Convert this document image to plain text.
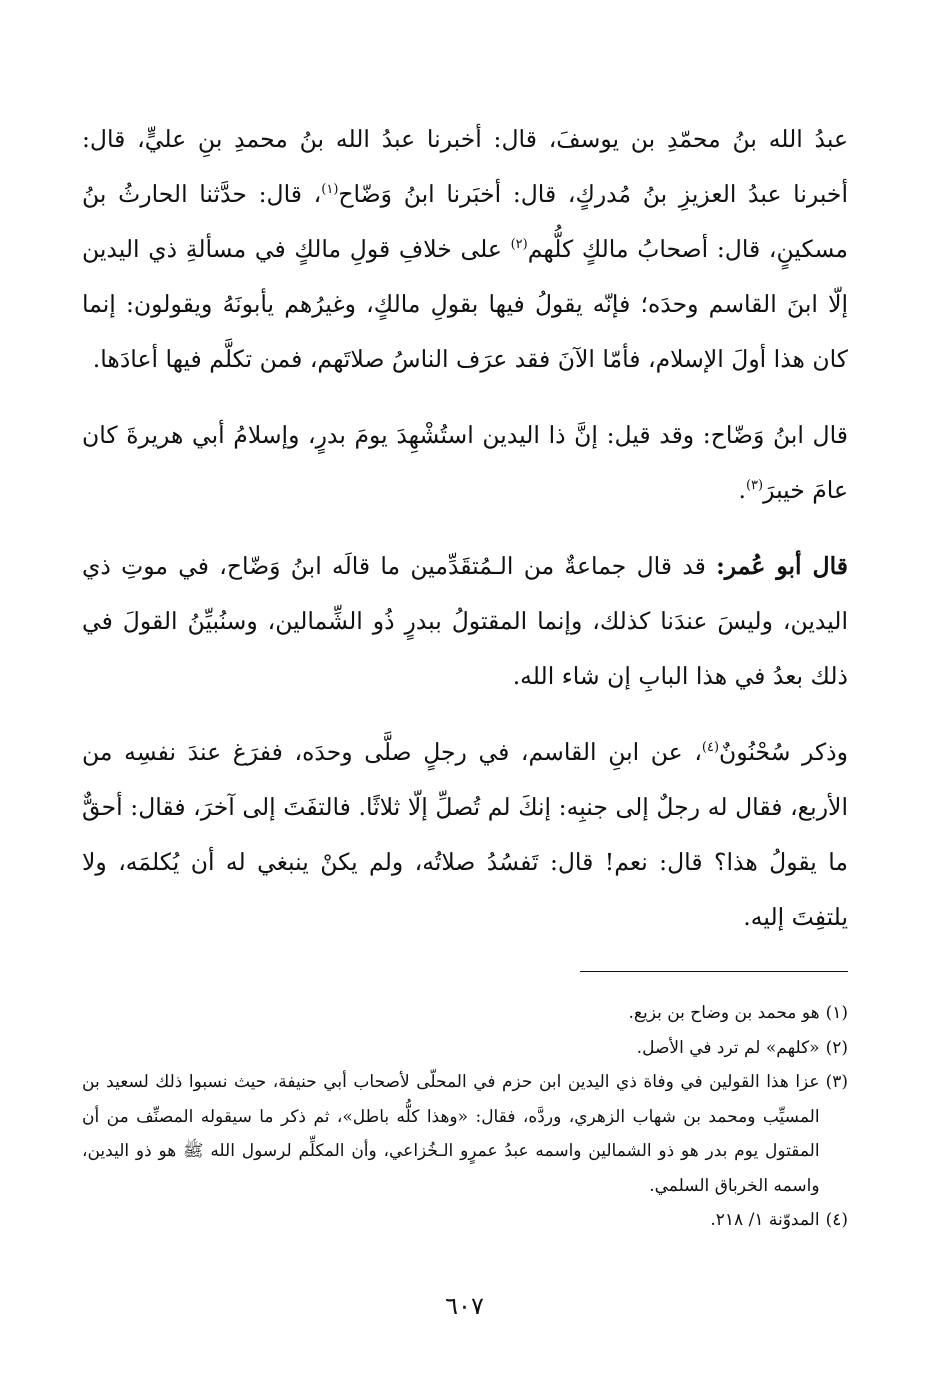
عبدُ الله بنُ محمّدِ بن يوسفَ، قال: أخبرنا عبدُ الله بنُ محمدِ بنِ عليٍّ، قال: أخبرنا عبدُ العزيزِ بنُ مُدركٍ، قال: أخبَرنا ابنُ وَضّاح$^{(١)}$، قال: حدَّثنا الحارثُ بنُ مسكينٍ، قال: أصحابُ مالكٍ كلُّهم$^{(٢)}$ على خلافِ قولِ مالكٍ في مسألةِ ذي اليدين إلّا ابنَ القاسم وحدَه؛ فإنّه يقولُ فيها بقولِ مالكٍ، وغيرُهم يأبونَهُ ويقولون: إنما كان هذا أولَ الإسلام، فأمّا الآنَ فقد عرَف الناسُ صلاتَهم، فمن تكلَّم فيها أعادَها.

قال ابنُ وَضّاح: وقد قيل: إنَّ ذا اليدين استُشْهِدَ يومَ بدرٍ، وإسلامُ أبي هريرةَ كان عامَ خيبرَ$^{(٣)}$.

قال أبو عُمر: قد قال جماعةٌ من الـمُتقَدِّمين ما قالَه ابنُ وَضّاح، في موتِ ذي اليدين، وليسَ عندَنا كذلك، وإنما المقتولُ ببدرٍ ذُو الشِّمالين، وسنُبيِّنُ القولَ في ذلك بعدُ في هذا البابِ إن شاء الله.

وذكر سُحْنُونٌ$^{(٤)}$، عن ابنِ القاسم، في رجلٍ صلَّى وحدَه، ففرَغ عندَ نفسِه من الأربع، فقال له رجلٌ إلى جنبِه: إنكَ لم تُصلِّ إلّا ثلاثًا. فالتفَتَ إلى آخرَ، فقال: أحقٌّ ما يقولُ هذا؟ قال: نعم! قال: تَفسُدُ صلاتُه، ولم يكنْ ينبغي له أن يُكلمَه، ولا يلتفِتَ إليه.

(١)
هو محمد بن وضاح بن بزيع.
(٢)
«كلهم» لم ترد في الأصل.
(٣)
عزا هذا القولين في وفاة ذي اليدين ابن حزم في المحلّى لأصحاب أبي حنيفة، حيث نسبوا ذلك لسعيد بن المسيِّب ومحمد بن شهاب الزهري، وردَّه، فقال: «وهذا كلُّه باطل»، ثم ذكر ما سيقوله المصنِّف من أن المقتول يوم بدر هو ذو الشمالين واسمه عبدُ عمرٍو الـخُزاعي، وأن المكلِّم لرسول الله ﷺ هو ذو اليدين، واسمه الخرباق السلمي.
(٤)
المدوّنة ١/ ٢١٨.
٦٠٧
